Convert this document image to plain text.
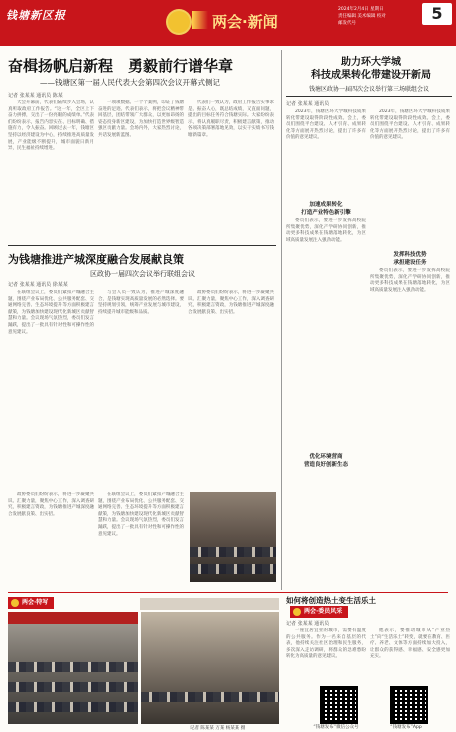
钱塘新区报	两会·新闻
2024年2月4日 星期日
责任编辑 美术编辑 校对
邮发代号
5
奋楫扬帆启新程　勇毅前行谱华章
——钱塘区第一届人民代表大会第四次会议开幕式侧记
记者 张某某 通讯员 陈某

大会开幕前，代表们陆续步入会场，认真听取政府工作报告。“这一年，全区上下奋力拼搏，交出了一份亮眼的成绩单。”代表们纷纷表示，报告内容实在、目标明确、措施有力，令人振奋。回顾过去一年，钱塘区坚持以经济建设为中心，持续推进高质量发展，产业能级不断提升，城市面貌日新月异，民生福祉持续增进。

一项项数据、一个个案例，印证了钱塘奋进的足迹。代表们表示，将把会议精神带回基层，团结带领广大群众，以更加昂扬的姿态投身新区建设，为加快打造世界级智造强区贡献力量。会场内外，大家热烈讨论，共话发展新蓝图。

代表们一致认为，政府工作报告实事求是、振奋人心，既总结成绩，又直面问题，提出的目标任务符合钱塘实际。大家纷纷表示，将认真履职尽责，积极建言献策，推动各项决策部署落地见效，以实干实绩书写钱塘新篇章。

助力环大学城
科技成果转化带建设开新局
钱塘区政协一届四次会议举行第三场联组会议
记者 张某某 通讯员

2023年，钱塘区环大学城科技成果转化带建设取得阶段性成效。会上，委员们围绕平台建设、人才引育、成果转化等方面展开热烈讨论，提出了许多有价值的意见建议。

加速成果转化
打造产业特色新引擎

委员们表示，要进一步发挥高校院所集聚优势，深化产学研协同创新，推动更多科技成果在钱塘落地转化，为区域高质量发展注入强劲动能。

优化环境营商
营造良好创新生态

2023年，钱塘区环大学城科技成果转化带建设取得阶段性成效。会上，委员们围绕平台建设、人才引育、成果转化等方面展开热烈讨论，提出了许多有价值的意见建议。

发挥科技优势
承担建设任务

委员们表示，要进一步发挥高校院所集聚优势，深化产学研协同创新，推动更多科技成果在钱塘落地转化，为区域高质量发展注入强劲动能。

为钱塘推进产城深度融合发展献良策
区政协一届四次会议举行联组会议
记者 张某某 通讯员 徐某某

在联组会议上，委员们紧扣产城融合主题，围绕产业布局优化、公共服务配套、交通网络完善、生态环境提升等方面积极建言献策，为钱塘加快建设现代化新城区贡献智慧和力量。会议现场气氛热烈，委员们发言踊跃，提出了一批具有针对性和可操作性的意见建议。

与会人员一致认为，推进产城深度融合，是钱塘实现高质量发展的必然选择。要坚持规划引领，统筹产业发展与城市建设，持续提升城市能级和品质。

政协委员们纷纷表示，将进一步凝聚共识、汇聚力量，聚焦中心工作，深入调查研究，积极建言资政，为钱塘推进产城深度融合发展献良策、出实招。

政协委员们纷纷表示，将进一步凝聚共识、汇聚力量，聚焦中心工作，深入调查研究，积极建言资政，为钱塘推进产城深度融合发展献良策、出实招。

在联组会议上，委员们紧扣产城融合主题，围绕产业布局优化、公共服务配套、交通网络完善、生态环境提升等方面积极建言献策，为钱塘加快建设现代化新城区贡献智慧和力量。会议现场气氛热烈，委员们发言踊跃，提出了一批具有针对性和可操作性的意见建议。

两会·特写
记者 陈某某 万某 杨某某 摄
如何将创造热土变生活乐土
两会·委员风采
记者 张某某 通讯员

一座宜居宜业的城市，需要有温度的公共服务。作为一名来自基层的代表，他持续关注社区治理和民生服务，多次深入走访调研，将群众的急难愁盼转化为高质量的意见建议。

他表示，要推动城市从“产业热土”向“生活乐土”转变，就要在教育、医疗、养老、文体等方面持续加大投入，让群众的获得感、幸福感、安全感更加充实。

“钱塘发布”微信公众号	“钱塘发布”App
